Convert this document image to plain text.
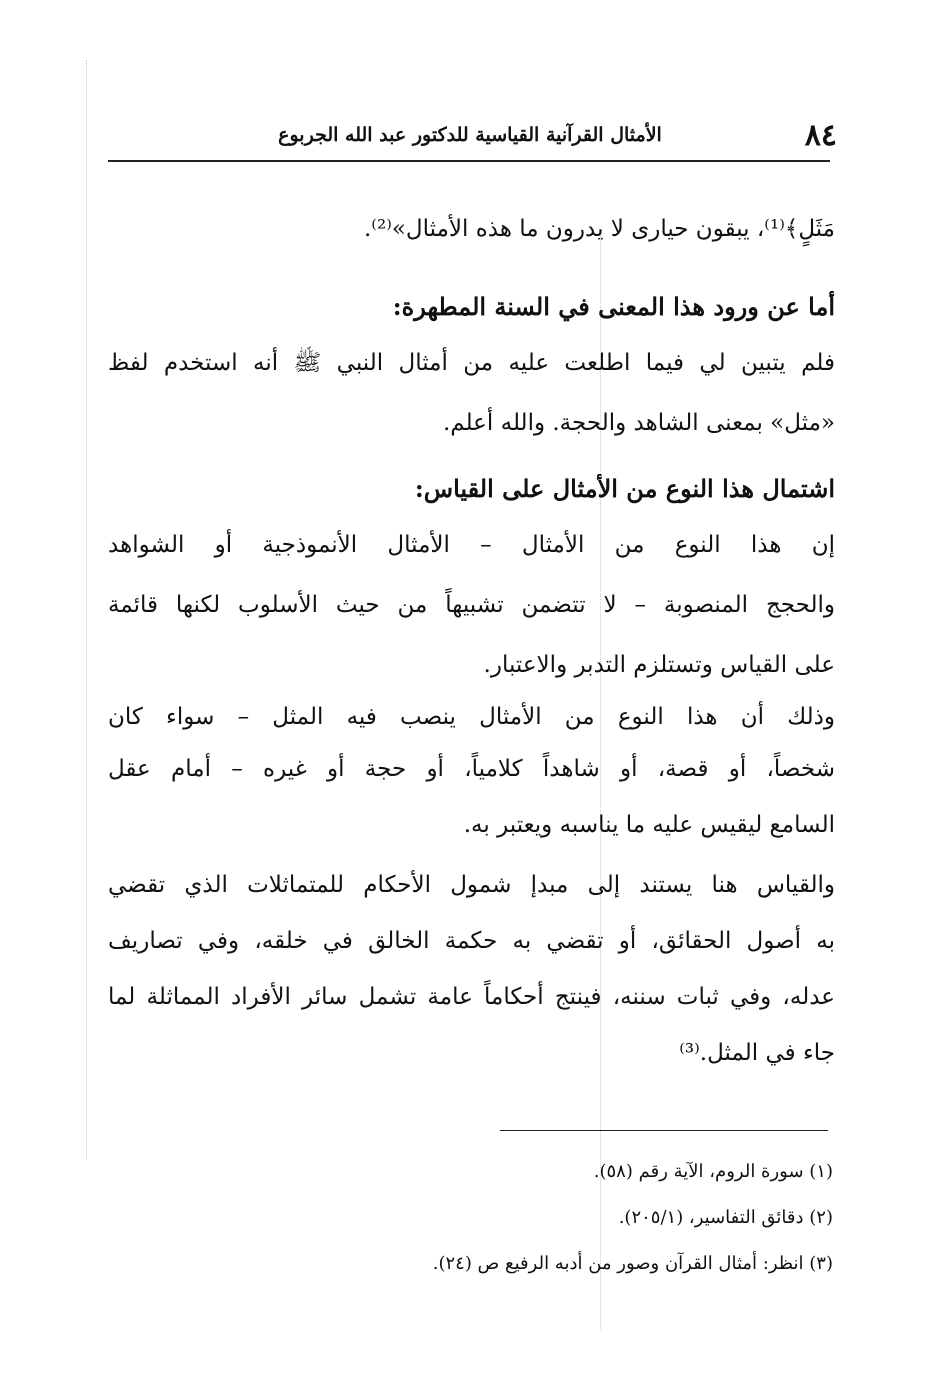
٨٤
الأمثال القرآنية القياسية للدكتور عبد الله الجربوع
مَثَلٍ﴾⁽¹⁾، يبقون حيارى لا يدرون ما هذه الأمثال»⁽²⁾.
أما عن ورود هذا المعنى في السنة المطهرة:
فلم يتبين لي فيما اطلعت عليه من أمثال النبي ﷺ أنه استخدم لفظ
«مثل» بمعنى الشاهد والحجة. والله أعلم.
اشتمال هذا النوع من الأمثال على القياس:
إن هذا النوع من الأمثال – الأمثال الأنموذجية أو الشواهد
والحجج المنصوبة – لا تتضمن تشبيهاً من حيث الأسلوب لكنها قائمة
على القياس وتستلزم التدبر والاعتبار.
وذلك أن هذا النوع من الأمثال ينصب فيه المثل – سواء كان
شخصاً، أو قصة، أو شاهداً كلامياً، أو حجة أو غيره – أمام عقل
السامع ليقيس عليه ما يناسبه ويعتبر به.
والقياس هنا يستند إلى مبدإ شمول الأحكام للمتماثلات الذي تقضي
به أصول الحقائق، أو تقضي به حكمة الخالق في خلقه، وفي تصاريف
عدله، وفي ثبات سننه، فينتج أحكاماً عامة تشمل سائر الأفراد المماثلة لما
جاء في المثل.⁽³⁾
(١) سورة الروم، الآية رقم (٥٨).
(٢) دقائق التفاسير، (٢٠٥/١).
(٣) انظر: أمثال القرآن وصور من أدبه الرفيع ص (٢٤).
